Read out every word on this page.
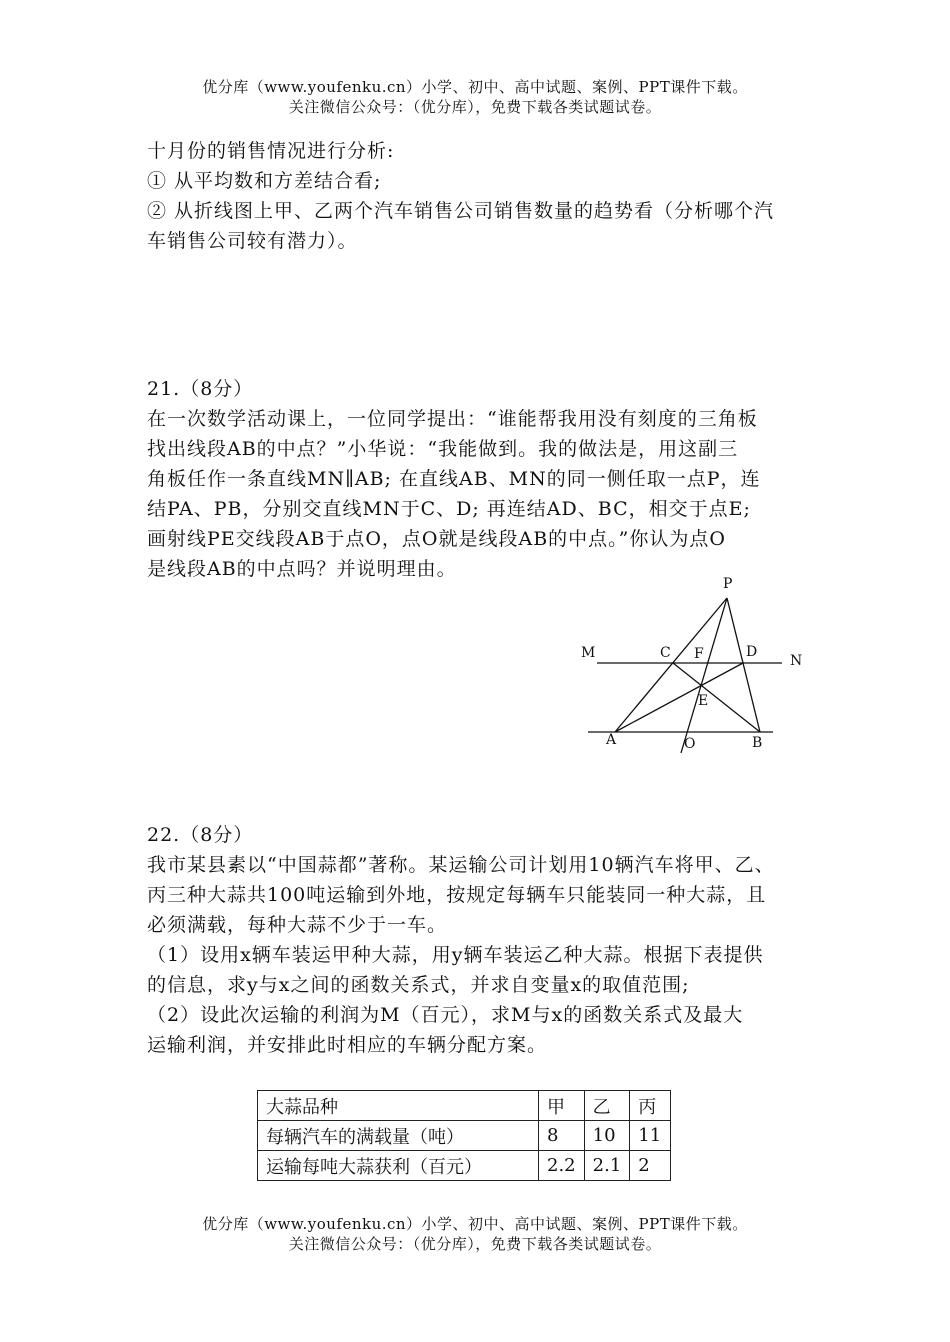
优分库（www.youfenku.cn）小学、初中、高中试题、案例、PPT课件下载。
关注微信公众号：（优分库），免费下载各类试题试卷。
十月份的销售情况进行分析:
① 从平均数和方差结合看;
② 从折线图上甲、乙两个汽车销售公司销售数量的趋势看（分析哪个汽
车销售公司较有潜力）。
21.（8分）
在一次数学活动课上，一位同学提出：“谁能帮我用没有刻度的三角板
找出线段AB的中点？”小华说：“我能做到。我的做法是，用这副三
角板任作一条直线MN∥AB; 在直线AB、MN的同一侧任取一点P，连
结PA、PB，分别交直线MN于C、D; 再连结AD、BC，相交于点E;
画射线PE交线段AB于点O，点O就是线段AB的中点。”你认为点O
是线段AB的中点吗？并说明理由。
P
M	N
C F	D
E
A	O	B
22.（8分）
我市某县素以“中国蒜都”著称。某运输公司计划用10辆汽车将甲、乙、
丙三种大蒜共100吨运输到外地，按规定每辆车只能装同一种大蒜，且
必须满载，每种大蒜不少于一车。
（1）设用x辆车装运甲种大蒜，用y辆车装运乙种大蒜。根据下表提供
的信息，求y与x之间的函数关系式，并求自变量x的取值范围;
（2）设此次运输的利润为M（百元），求M与x的函数关系式及最大
运输利润，并安排此时相应的车辆分配方案。
大蒜品种	甲	乙	丙
每辆汽车的满载量（吨）	8	10	11
运输每吨大蒜获利（百元）	2.2	2.1	2
优分库（www.youfenku.cn）小学、初中、高中试题、案例、PPT课件下载。
关注微信公众号：（优分库），免费下载各类试题试卷。
